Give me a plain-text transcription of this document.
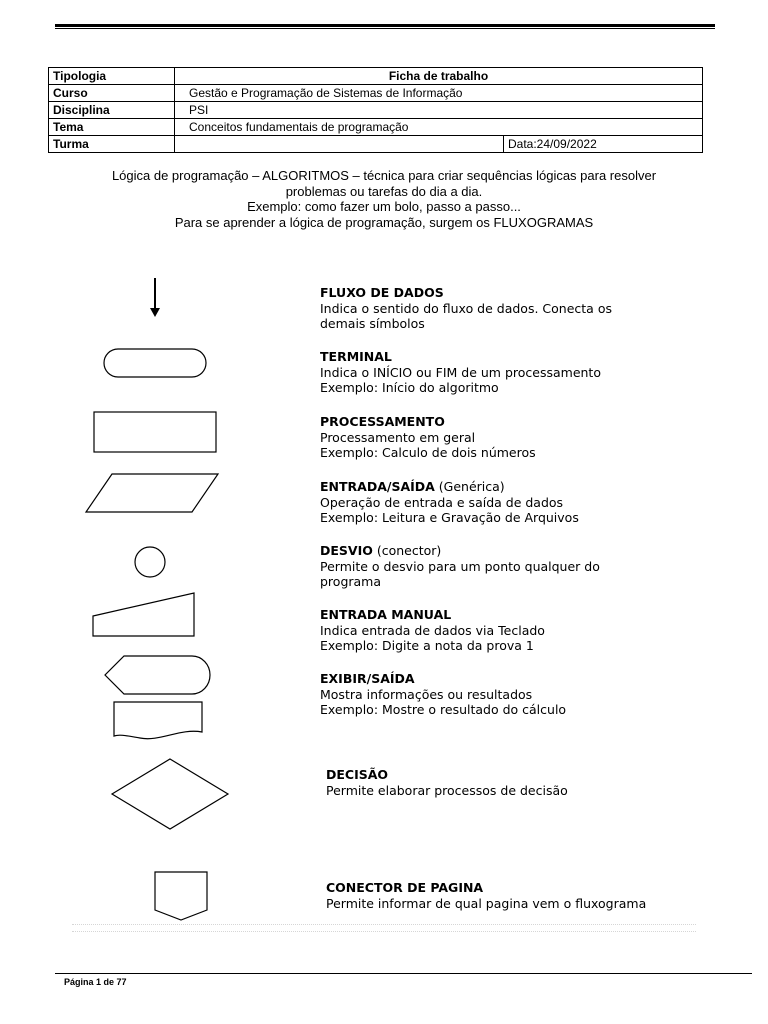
Tipologia	Ficha de trabalho	
Curso	Gestão e Programação de Sistemas de Informação	
Disciplina	PSI	
Tema	Conceitos fundamentais de programação	
Turma		Data:24/09/2022
Lógica de programação – ALGORITMOS – técnica para criar sequências lógicas para resolver
problemas ou tarefas do dia a dia.
Exemplo: como fazer um bolo, passo a passo...
Para se aprender a lógica de programação, surgem os FLUXOGRAMAS
FLUXO DE DADOS
Indica o sentido do fluxo de dados. Conecta os
demais símbolos
TERMINAL
Indica o INÍCIO ou FIM de um processamento
Exemplo: Início do algoritmo
PROCESSAMENTO
Processamento em geral
Exemplo: Calculo de dois números
ENTRADA/SAÍDA (Genérica)
Operação de entrada e saída de dados
Exemplo: Leitura e Gravação de Arquivos
DESVIO (conector)
Permite o desvio para um ponto qualquer do
programa
ENTRADA MANUAL
Indica entrada de dados via Teclado
Exemplo: Digite a nota da prova 1
EXIBIR/SAÍDA
Mostra informações ou resultados
Exemplo: Mostre o resultado do cálculo
DECISÃO
Permite elaborar processos de decisão
CONECTOR DE PAGINA
Permite informar de qual pagina vem o fluxograma
Página 1 de 77
